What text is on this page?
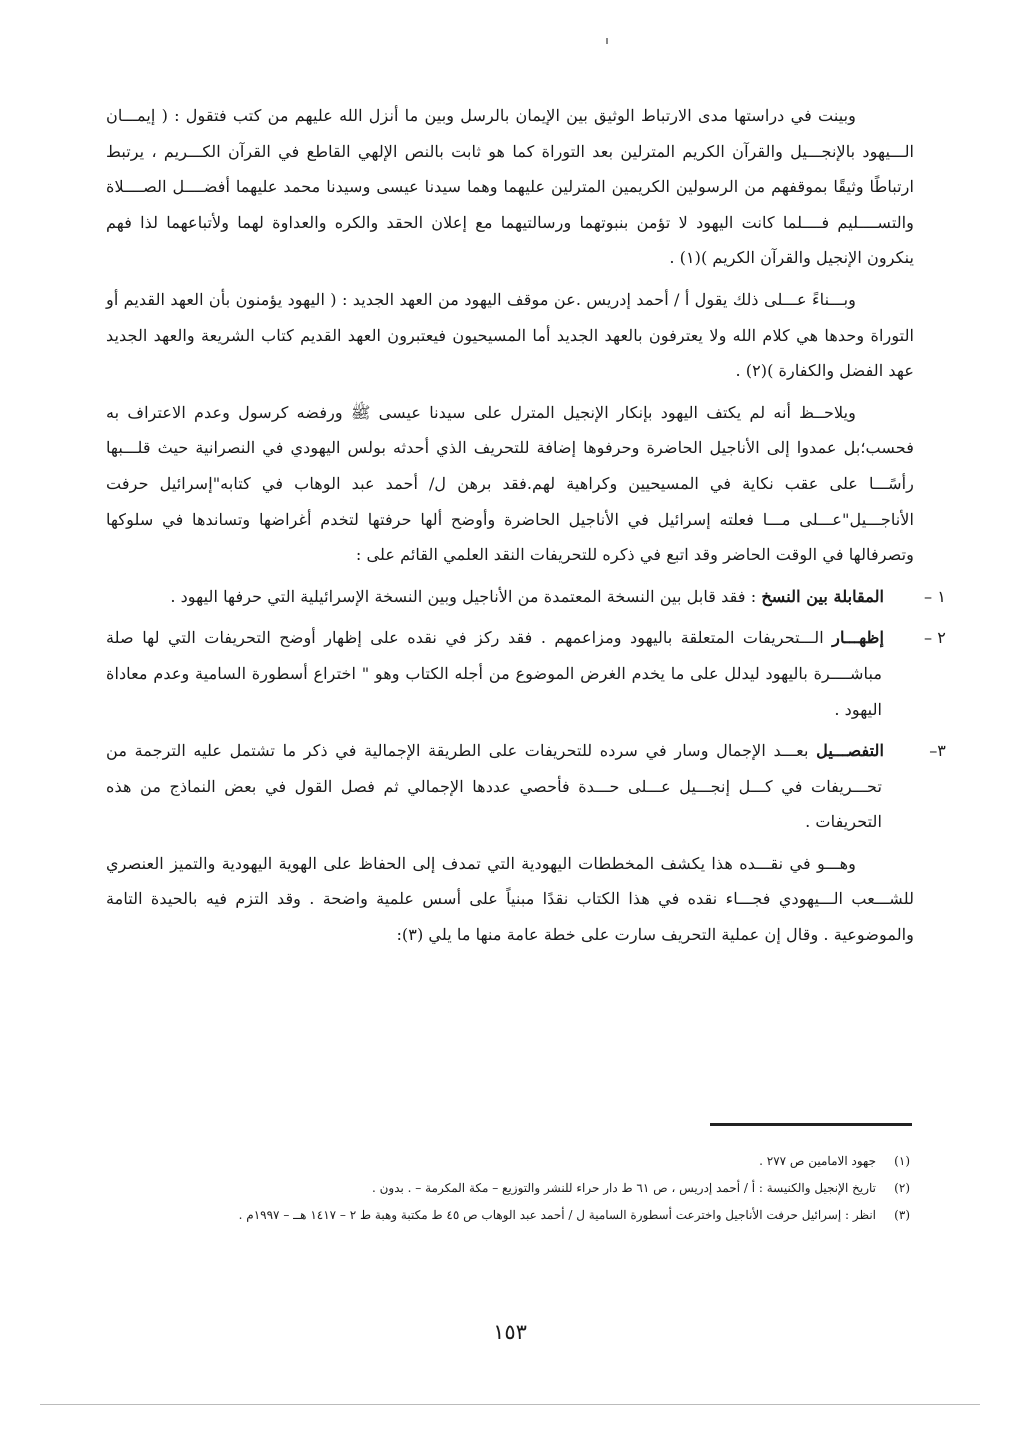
وبينت في دراستها مدى الارتباط الوثيق بين الإيمان بالرسل وبين ما أنزل الله عليهم من كتب فتقول : ( إيمـــان الـــيهود بالإنجـــيل والقرآن الكريم المترلين بعد التوراة كما هو ثابت بالنص الإلهي القاطع في القرآن الكـــريم ، يرتبط ارتباطًا وثيقًا بموقفهم من الرسولين الكريمين المترلين عليهما وهما سيدنا عيسى وسيدنا محمد عليهما أفضــــل الصــــلاة والتســــليم فــــلما كانت اليهود لا تؤمن بنبوتهما ورسالتيهما مع إعلان الحقد والكره والعداوة لهما ولأتباعهما لذا فهم ينكرون الإنجيل والقرآن الكريم )(١) .

وبـــناءً عـــلى ذلك يقول أ / أحمد إدريس .عن موقف اليهود من العهد الجديد : ( اليهود يؤمنون بأن العهد القديم أو التوراة وحدها هي كلام الله ولا يعترفون بالعهد الجديد أما المسيحيون فيعتبرون العهد القديم كتاب الشريعة والعهد الجديد عهد الفضل والكفارة )(٢) .

ويلاحــظ أنه لم يكتف اليهود بإنكار الإنجيل المترل على سيدنا عيسى ﷺ ورفضه كرسول وعدم الاعتراف به فحسب؛بل عمدوا إلى الأناجيل الحاضرة وحرفوها إضافة للتحريف الذي أحدثه بولس اليهودي في النصرانية حيث قلـــبها رأسًـــا على عقب نكاية في المسيحيين وكراهية لهم.فقد برهن ل/ أحمد عبد الوهاب في كتابه"إسرائيل حرفت الأناجـــيل"عـــلى مـــا فعلته إسرائيل في الأناجيل الحاضرة وأوضح ألها حرفتها لتخدم أغراضها وتساندها في سلوكها وتصرفالها في الوقت الحاضر وقد اتبع في ذكره للتحريفات النقد العلمي القائم على :

١ –المقابلة بين النسخ : فقد قابل بين النسخة المعتمدة من الأناجيل وبين النسخة الإسرائيلية التي حرفها اليهود .

٢ –إظهـــار الـــتحريفات المتعلقة باليهود ومزاعمهم . فقد ركز في نقده على إظهار أوضح التحريفات التي لها صلة مباشــــرة باليهود ليدلل على ما يخدم الغرض الموضوع من أجله الكتاب وهو " اختراع أسطورة السامية وعدم معاداة اليهود .

٣–التفصـــيل بعـــد الإجمال وسار في سرده للتحريفات على الطريقة الإجمالية في ذكر ما تشتمل عليه الترجمة من تحـــريفات في كـــل إنجـــيل عـــلى حـــدة فأحصي عددها الإجمالي ثم فصل القول في بعض النماذج من هذه التحريفات .

وهـــو في نقـــده هذا يكشف المخططات اليهودية التي تمدف إلى الحفاظ على الهوية اليهودية والتميز العنصري للشـــعب الـــيهودي فجـــاء نقده في هذا الكتاب نقدًا مبنياً على أسس علمية واضحة . وقد التزم فيه بالحيدة التامة والموضوعية . وقال إن عملية التحريف سارت على خطة عامة منها ما يلي (٣):

(١)جهود الامامين ص ٢٧٧ .

(٢)تاريخ الإنجيل والكنيسة : أ / أحمد إدريس ، ص ٦١ ط دار حراء للنشر والتوزيع – مكة المكرمة – . بدون .

(٣)انظر : إسرائيل حرفت الأناجيل واخترعت أسطورة السامية ل / أحمد عبد الوهاب ص ٤٥ ط مكتبة وهبة ط ٢ – ١٤١٧ هــ – ١٩٩٧م .

١٥٣
